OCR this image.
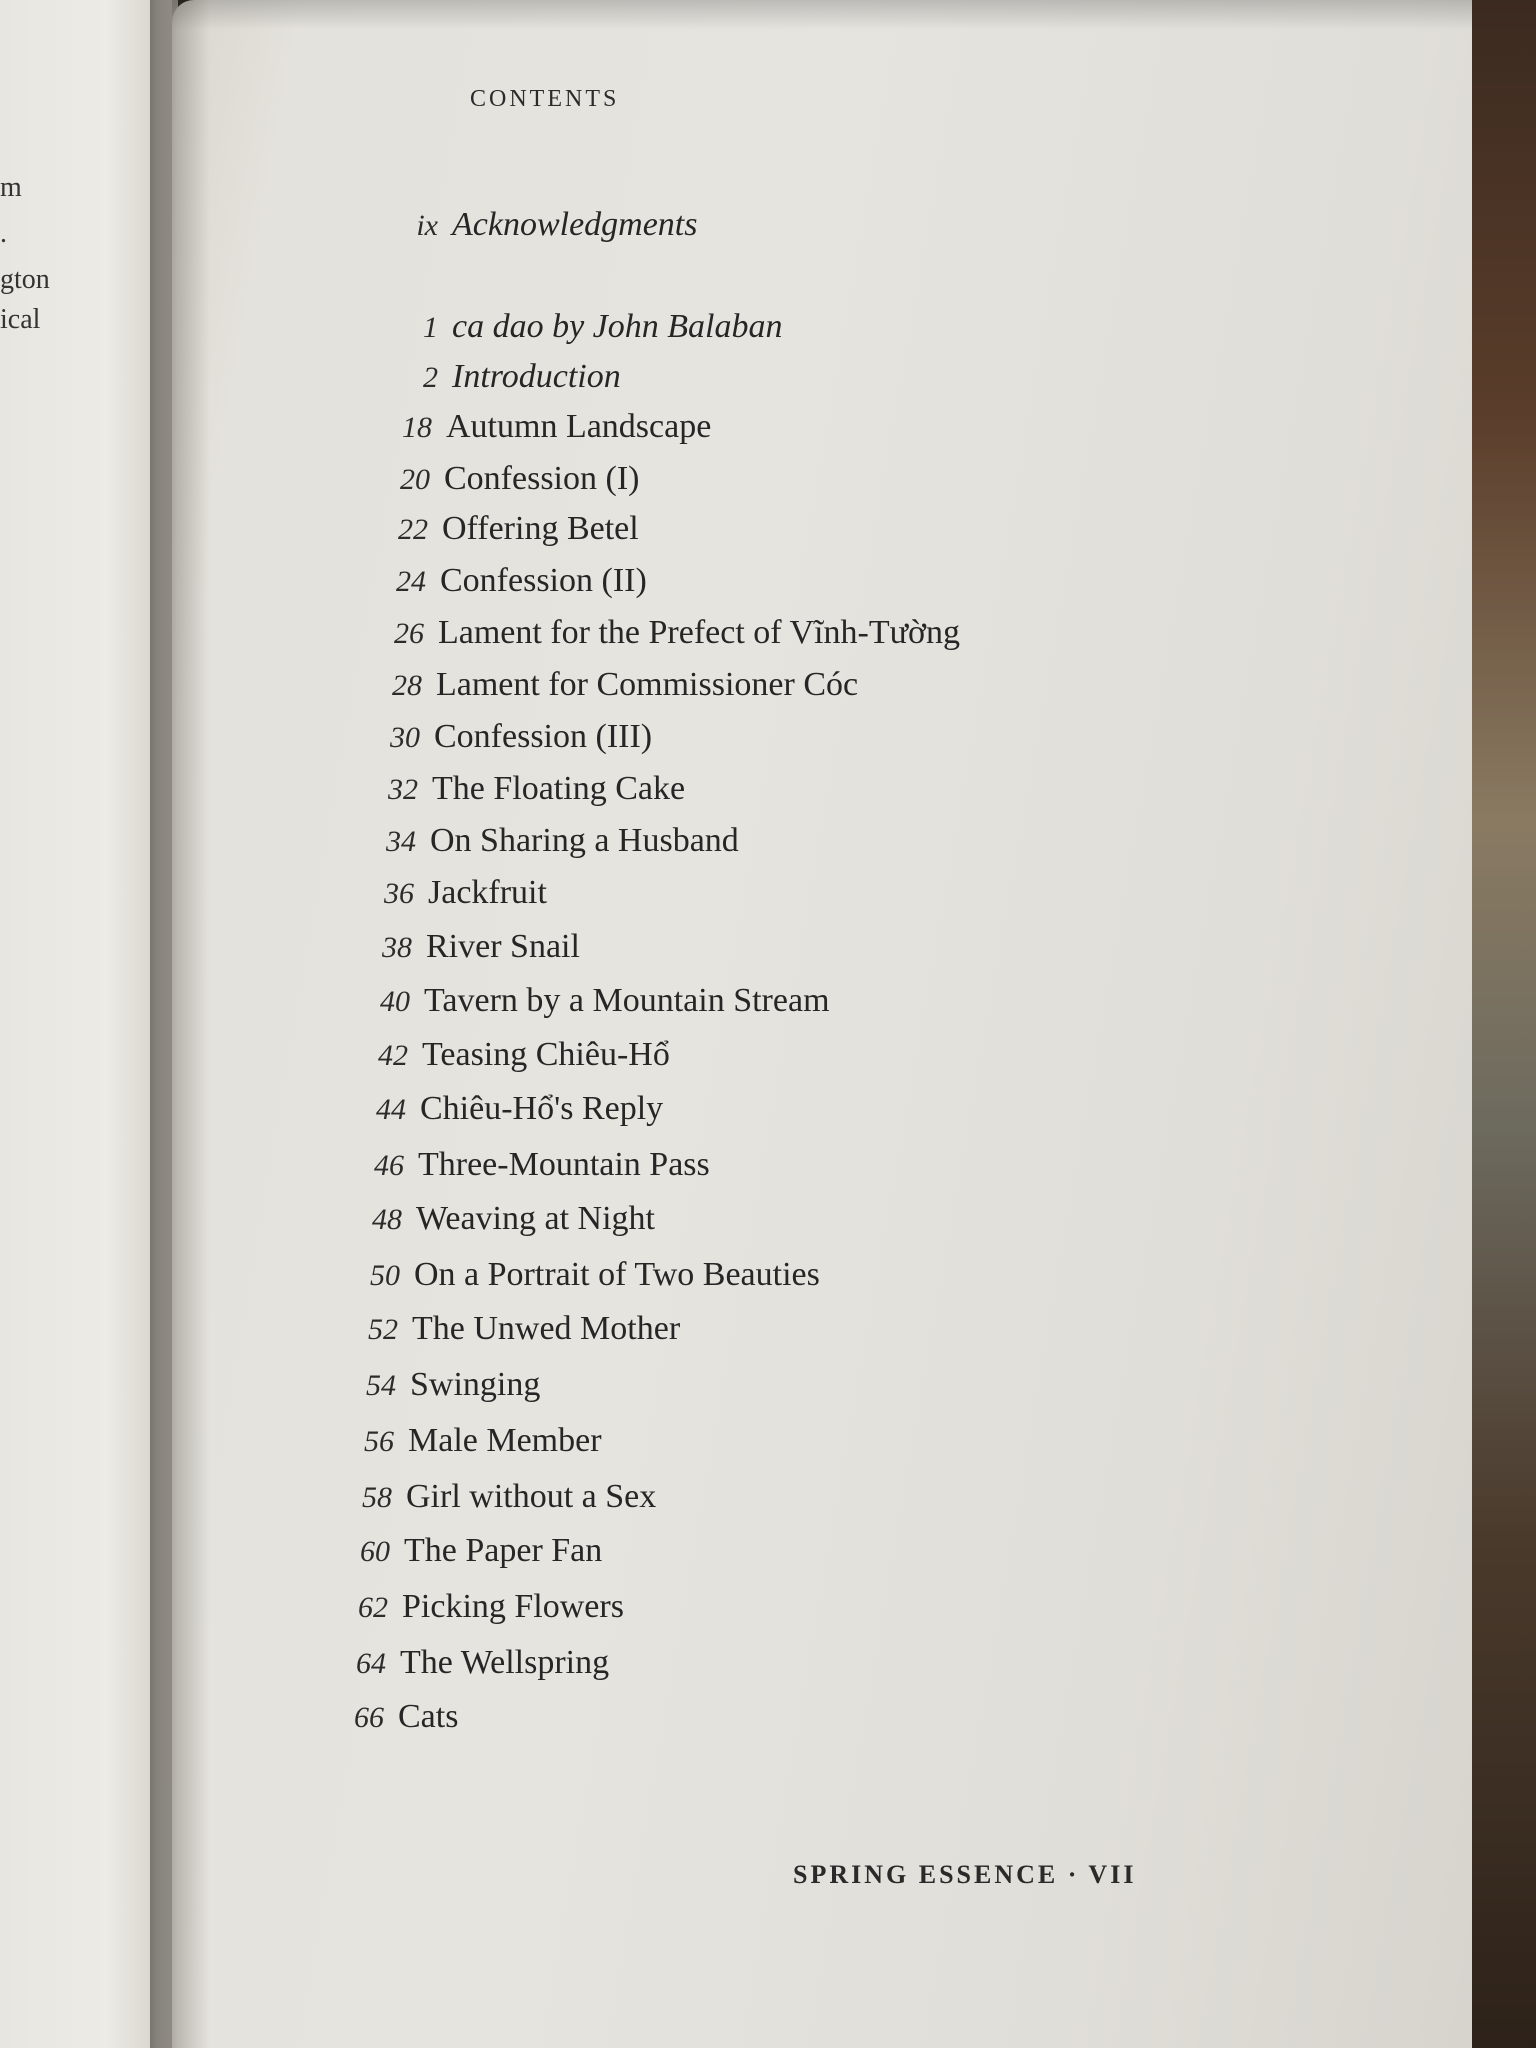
m
.
gton
ical
CONTENTS
ix Acknowledgments
1 ca dao by John Balaban
2 Introduction
18 Autumn Landscape
20 Confession (I)
22 Offering Betel
24 Confession (II)
26 Lament for the Prefect of Vĩnh-Tường
28 Lament for Commissioner Cóc
30 Confession (III)
32 The Floating Cake
34 On Sharing a Husband
36 Jackfruit
38 River Snail
40 Tavern by a Mountain Stream
42 Teasing Chiêu-Hổ
44 Chiêu-Hổ's Reply
46 Three-Mountain Pass
48 Weaving at Night
50 On a Portrait of Two Beauties
52 The Unwed Mother
54 Swinging
56 Male Member
58 Girl without a Sex
60 The Paper Fan
62 Picking Flowers
64 The Wellspring
66 Cats
SPRING ESSENCE · VII
